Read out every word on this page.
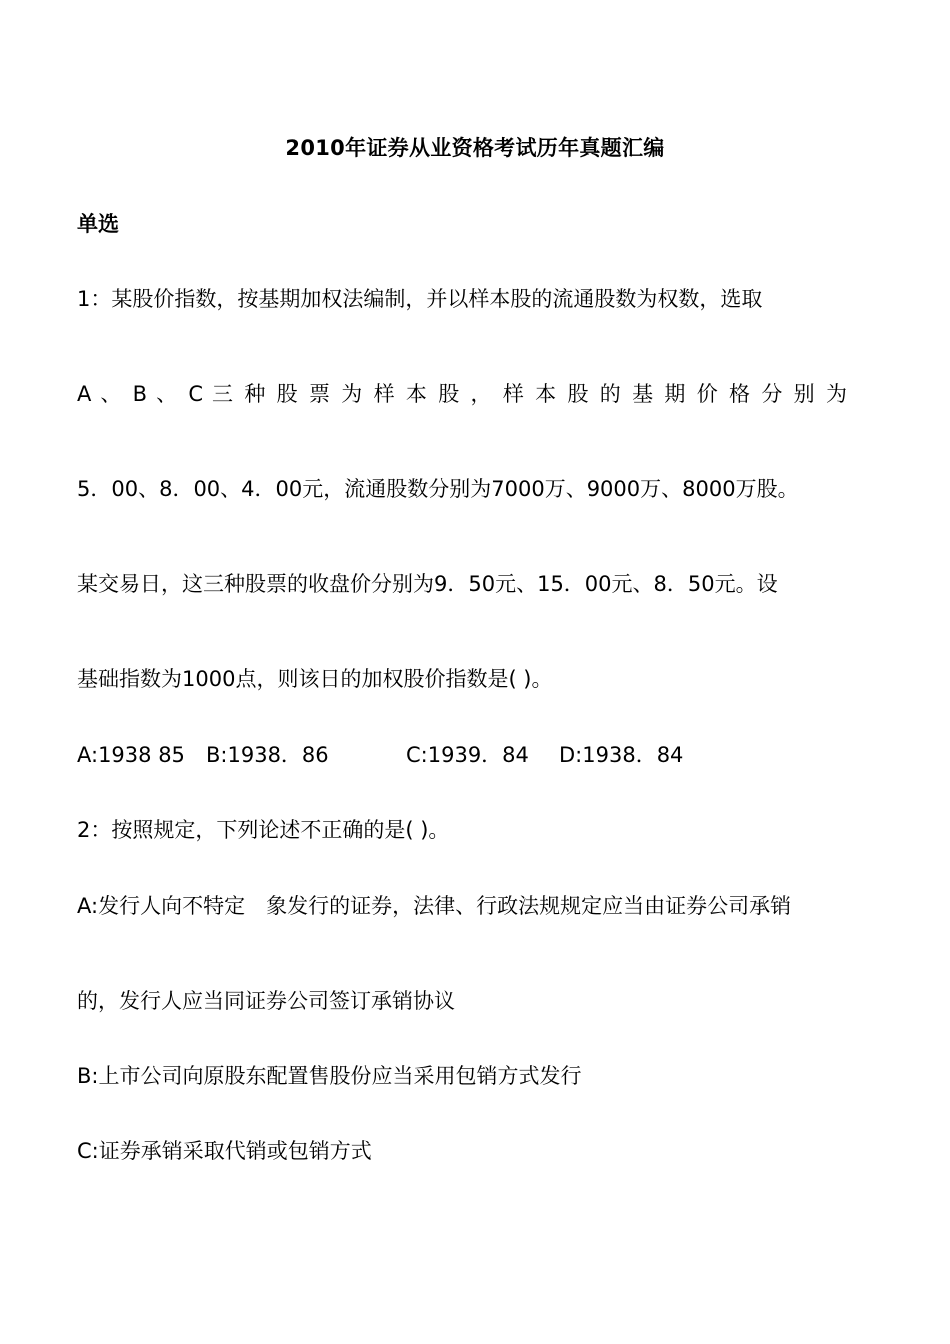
2010年证券从业资格考试历年真题汇编
单选
1：某股价指数，按基期加权法编制，并以样本股的流通股数为权数，选取
A 、 B 、 C 三 种 股 票 为 样 本 股 ， 样 本 股 的 基 期 价 格 分 别 为
5．00、8．00、4．00元，流通股数分别为7000万、9000万、8000万股。
某交易日，这三种股票的收盘价分别为9．50元、15．00元、8．50元。设
基础指数为1000点，则该日的加权股价指数是( )。
A:1938 85 B:1938．86	C:1939．84 D:1938．84
2：按照规定，下列论述不正确的是( )。
A:发行人向不特定　象发行的证券，法律、行政法规规定应当由证券公司承销
的，发行人应当同证券公司签订承销协议
B:上市公司向原股东配置售股份应当采用包销方式发行
C:证券承销采取代销或包销方式
